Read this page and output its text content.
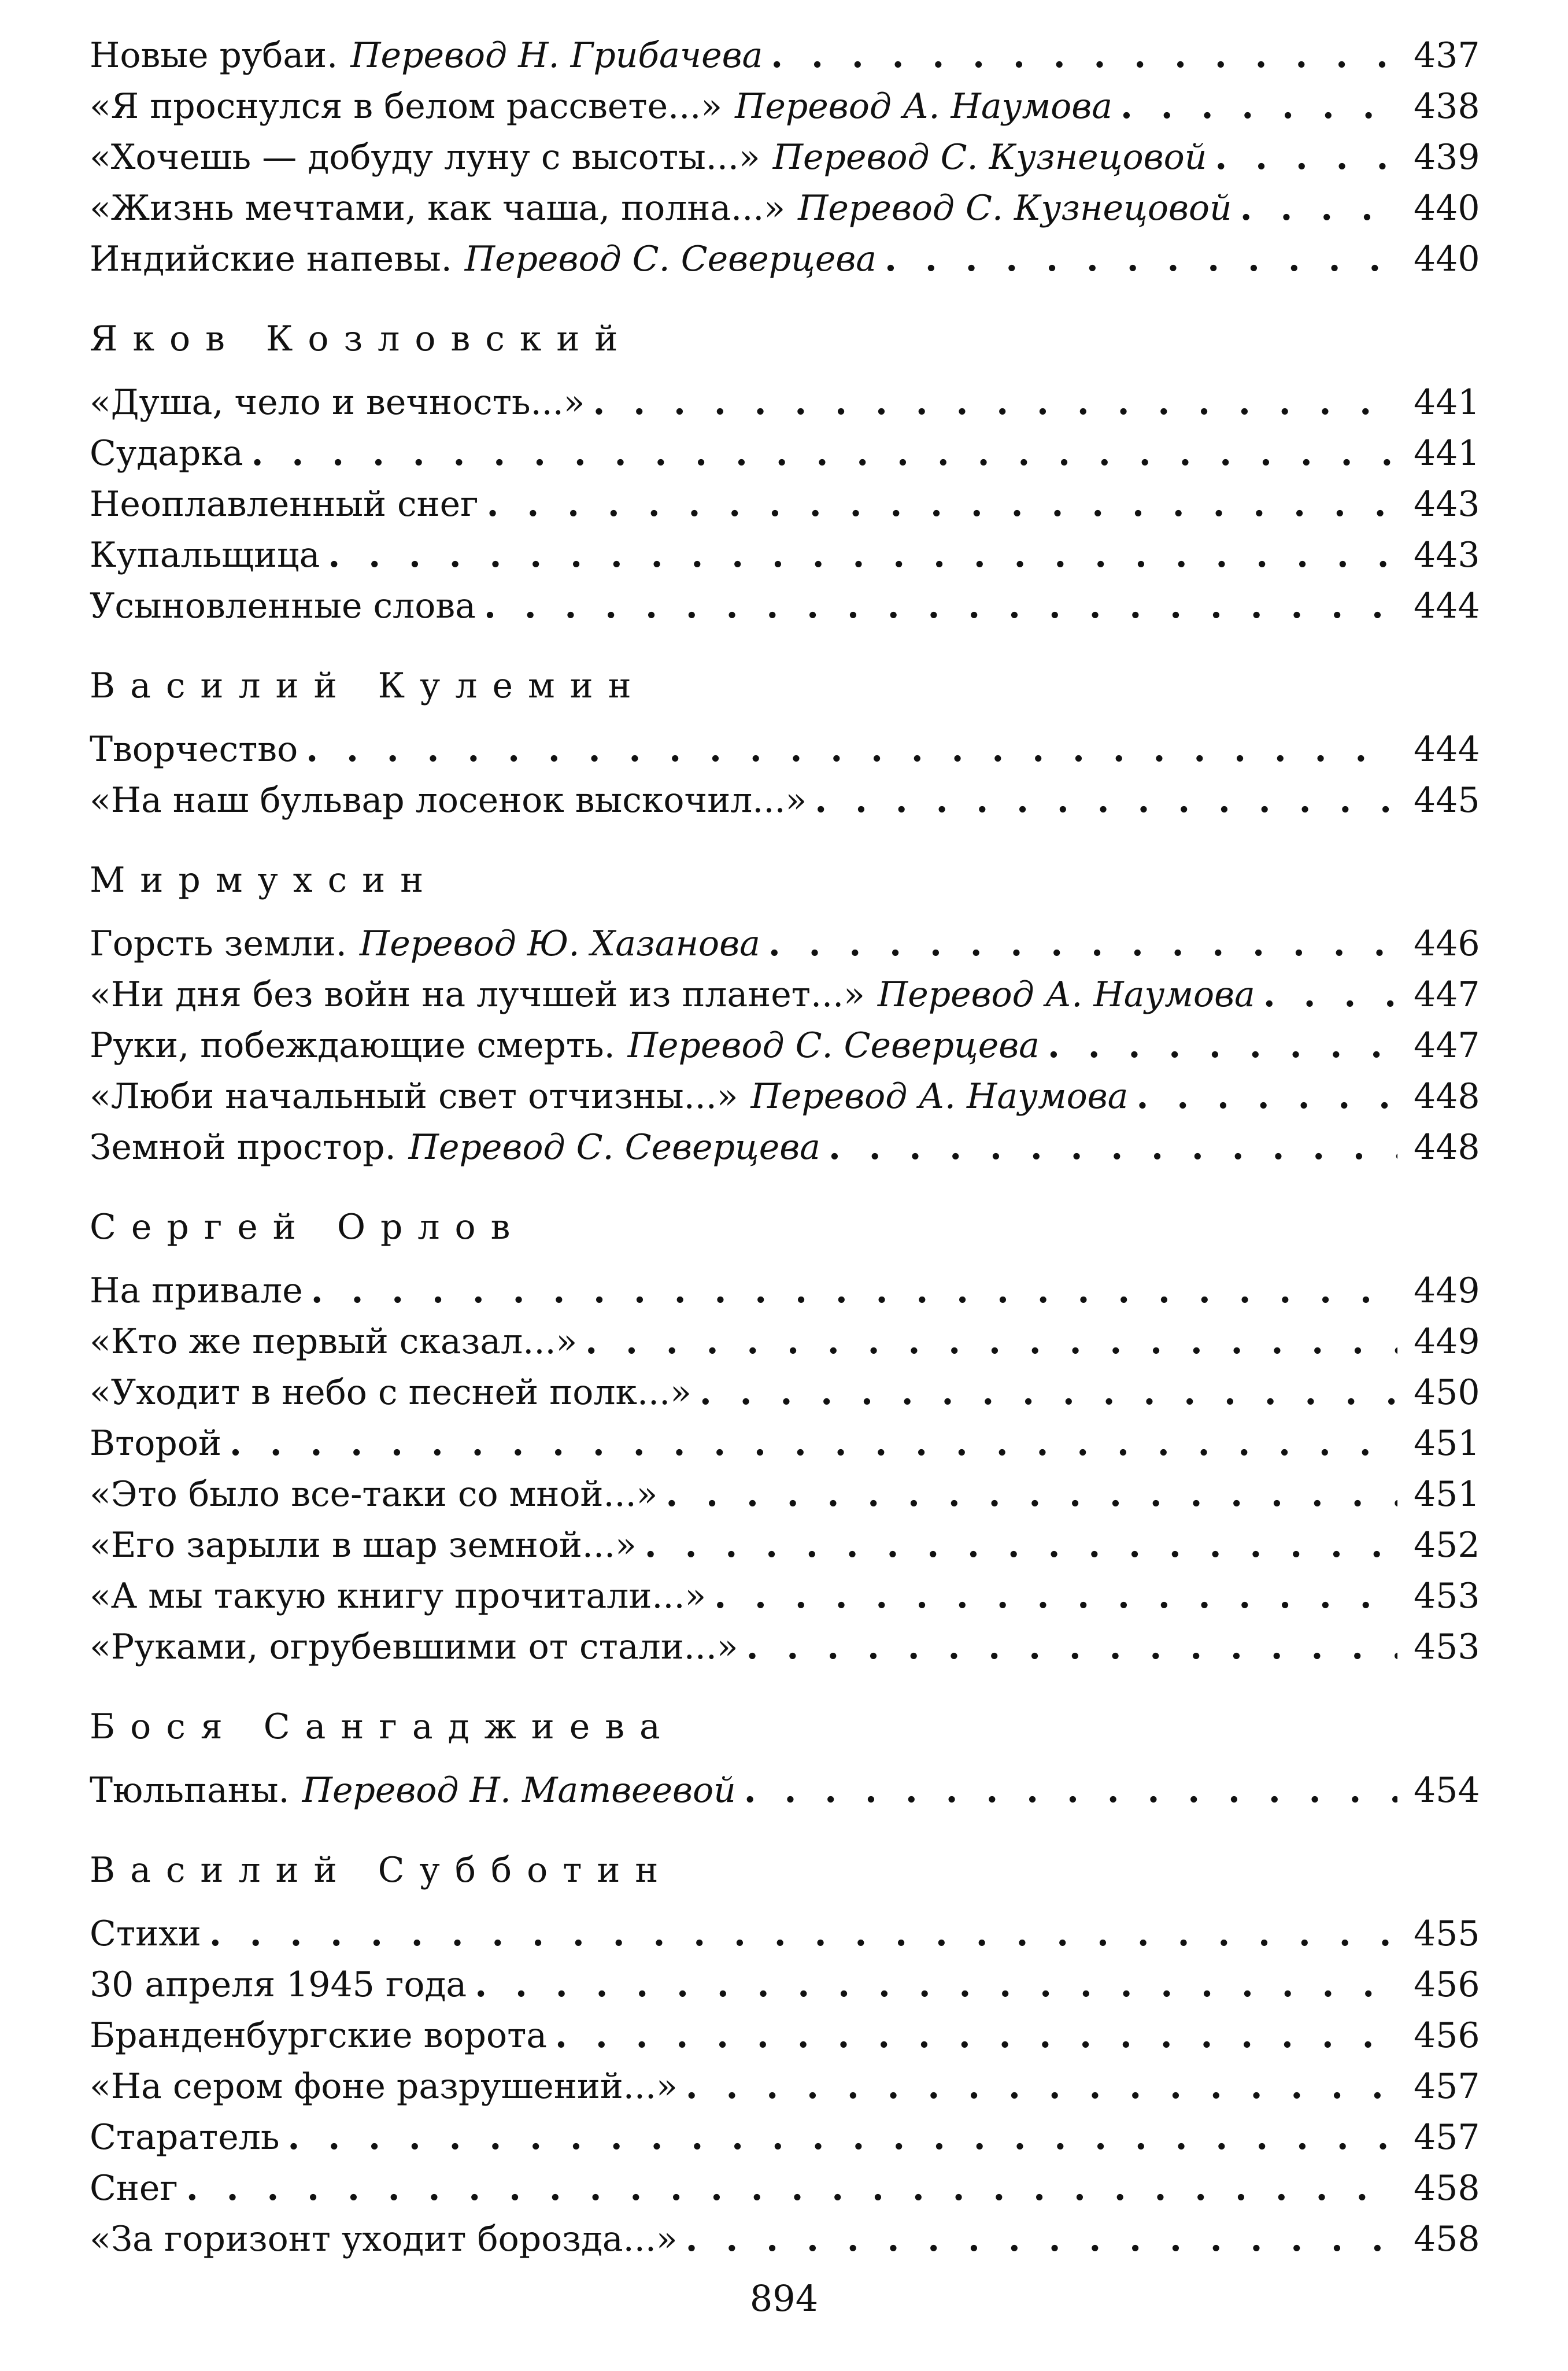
Новые рубаи. Перевод Н. Грибачева . . .	437
«Я проснулся в белом рассвете...» Перевод А. Наумова . . .	438
«Хочешь — добуду луну с высоты...» Перевод С. Кузнецовой . . .	439
«Жизнь мечтами, как чаша, полна...» Перевод С. Кузнецовой . . .	440
Индийские напевы. Перевод С. Северцева . . .	440
Яков Козловский
«Душа, чело и вечность...» . . .	441
Сударка . . .	441
Неоплавленный снег . . .	443
Купальщица . . .	443
Усыновленные слова . . .	444
Василий Кулемин
Творчество . . .	444
«На наш бульвар лосенок выскочил...» . . .	445
Мирмухсин
Горсть земли. Перевод Ю. Хазанова . . .	446
«Ни дня без войн на лучшей из планет...» Перевод А. Наумова . . .	447
Руки, побеждающие смерть. Перевод С. Северцева . . .	447
«Люби начальный свет отчизны...» Перевод А. Наумова . . .	448
Земной простор. Перевод С. Северцева . . .	448
Сергей Орлов
На привале . . .	449
«Кто же первый сказал...» . . .	449
«Уходит в небо с песней полк...» . . .	450
Второй . . .	451
«Это было все-таки со мной...» . . .	451
«Его зарыли в шар земной...» . . .	452
«А мы такую книгу прочитали...» . . .	453
«Руками, огрубевшими от стали...» . . .	453
Бося Сангаджиева
Тюльпаны. Перевод Н. Матвеевой . . .	454
Василий Субботин
Стихи . . .	455
30 апреля 1945 года . . .	456
Бранденбургские ворота . . .	456
«На сером фоне разрушений...» . . .	457
Старатель . . .	457
Снег . . .	458
«За горизонт уходит борозда...» . . .	458
894
